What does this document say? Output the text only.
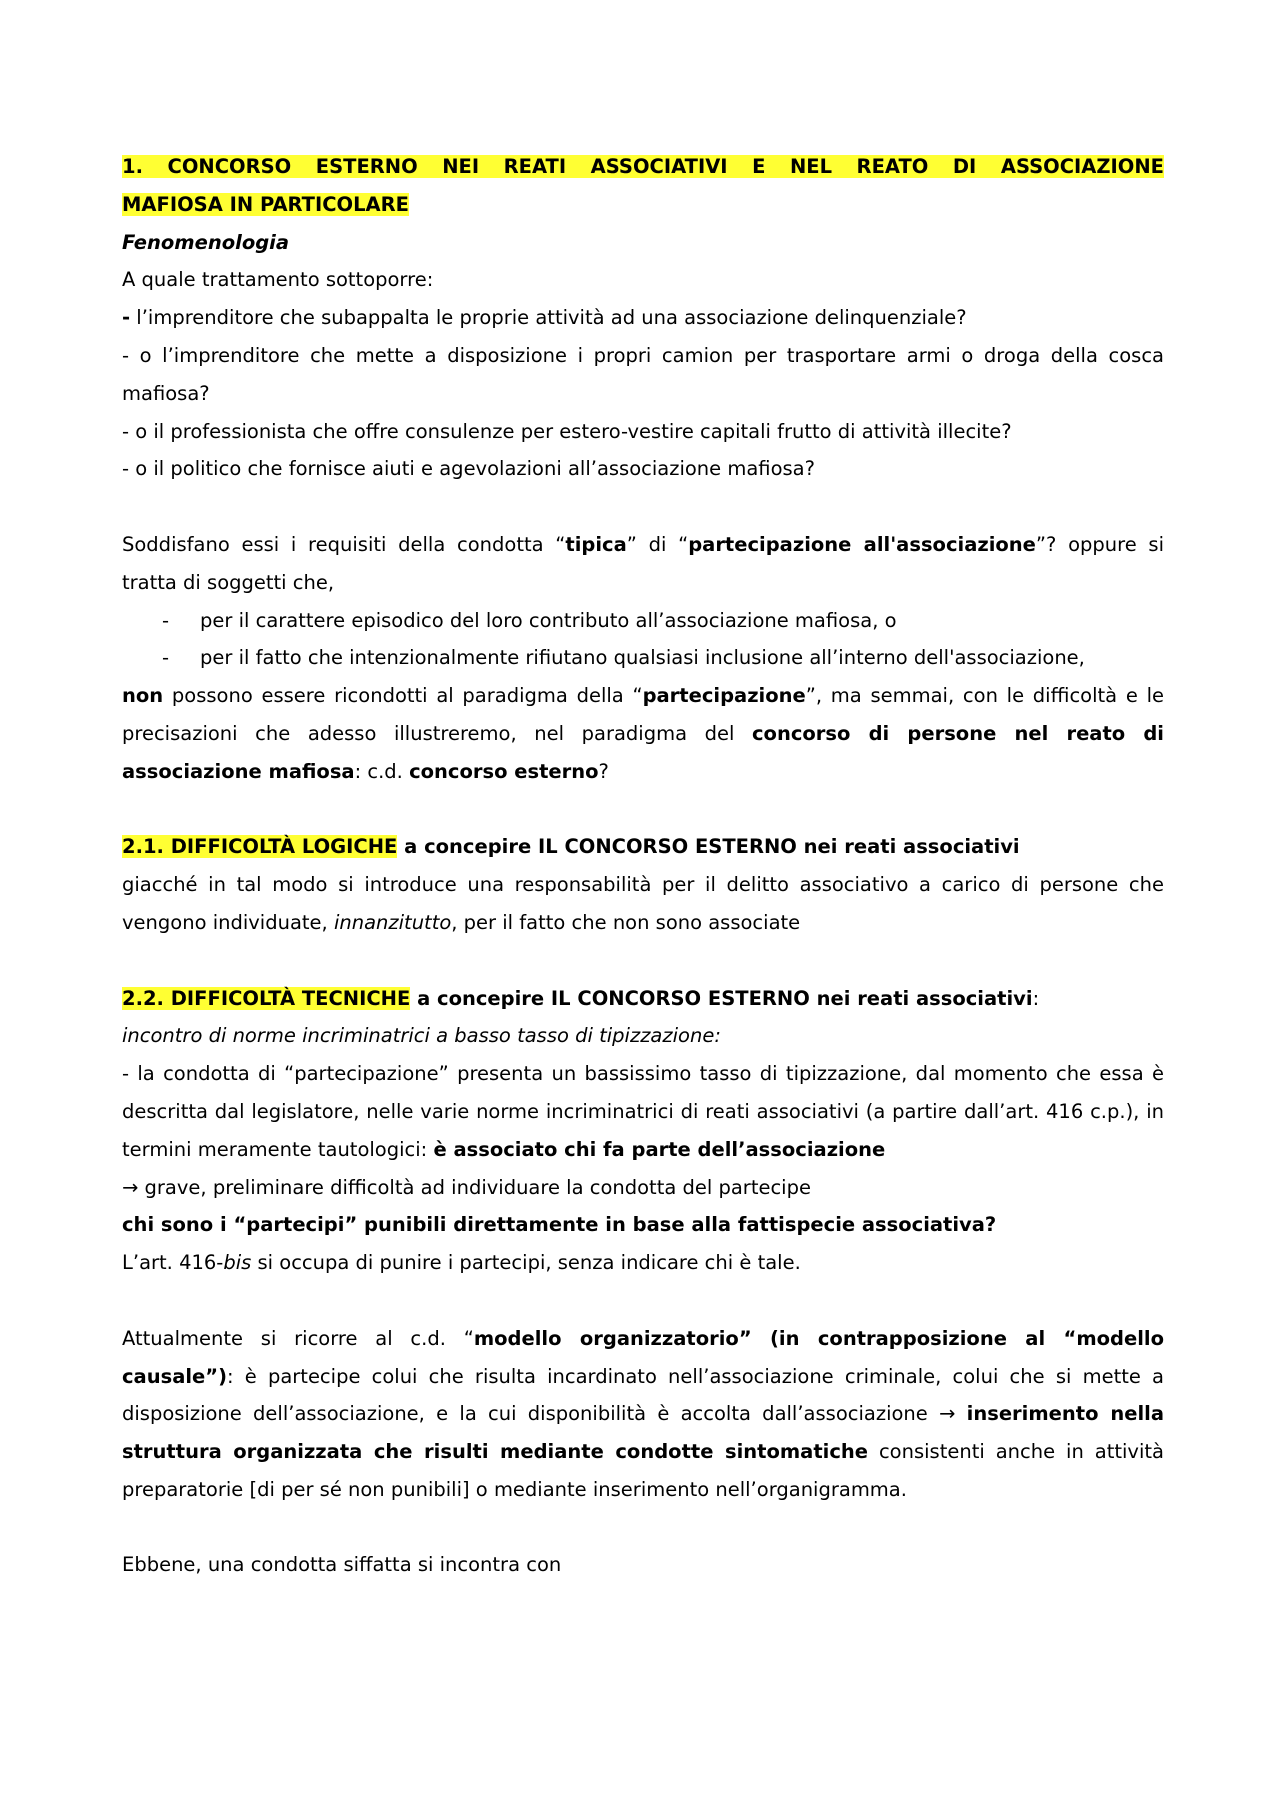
1. CONCORSO ESTERNO NEI REATI ASSOCIATIVI E NEL REATO DI ASSOCIAZIONE

MAFIOSA IN PARTICOLARE

Fenomenologia

A quale trattamento sottoporre:

- l’imprenditore che subappalta le proprie attività ad una associazione delinquenziale?

- o l’imprenditore che mette a disposizione i propri camion per trasportare armi o droga della cosca mafiosa?

- o il professionista che offre consulenze per estero-vestire capitali frutto di attività illecite?

- o il politico che fornisce aiuti e agevolazioni all’associazione mafiosa?

Soddisfano essi i requisiti della condotta “tipica” di “partecipazione all'associazione”? oppure si tratta di soggetti che,

- per il carattere episodico del loro contributo all’associazione mafiosa, o

- per il fatto che intenzionalmente rifiutano qualsiasi inclusione all’interno dell'associazione,

non possono essere ricondotti al paradigma della “partecipazione”, ma semmai, con le difficoltà e le precisazioni che adesso illustreremo, nel paradigma del concorso di persone nel reato di associazione mafiosa: c.d. concorso esterno?

2.1. DIFFICOLTÀ LOGICHE a concepire IL CONCORSO ESTERNO nei reati associativi

giacché in tal modo si introduce una responsabilità per il delitto associativo a carico di persone che vengono individuate, innanzitutto, per il fatto che non sono associate

2.2. DIFFICOLTÀ TECNICHE a concepire IL CONCORSO ESTERNO nei reati associativi:

incontro di norme incriminatrici a basso tasso di tipizzazione:

- la condotta di “partecipazione” presenta un bassissimo tasso di tipizzazione, dal momento che essa è descritta dal legislatore, nelle varie norme incriminatrici di reati associativi (a partire dall’art. 416 c.p.), in termini meramente tautologici: è associato chi fa parte dell’associazione

→ grave, preliminare difficoltà ad individuare la condotta del partecipe

chi sono i “partecipi” punibili direttamente in base alla fattispecie associativa?

L’art. 416-bis si occupa di punire i partecipi, senza indicare chi è tale.

Attualmente si ricorre al c.d. “modello organizzatorio” (in contrapposizione al “modello causale”): è partecipe colui che risulta incardinato nell’associazione criminale, colui che si mette a disposizione dell’associazione, e la cui disponibilità è accolta dall’associazione → inserimento nella struttura organizzata che risulti mediante condotte sintomatiche consistenti anche in attività preparatorie [di per sé non punibili] o mediante inserimento nell’organigramma.

Ebbene, una condotta siffatta si incontra con
